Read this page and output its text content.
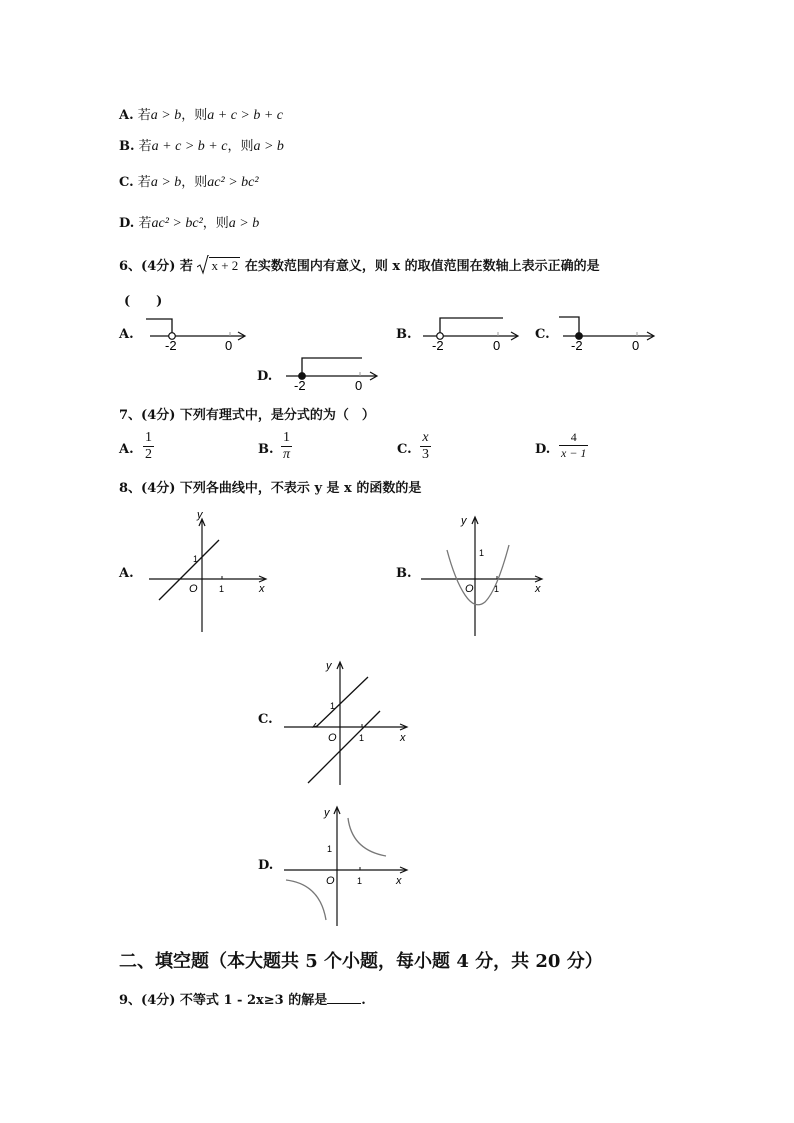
A. 若a > b，则a + c > b + c
B. 若a + c > b + c，则a > b
C. 若a > b，则ac² > bc²
D. 若ac² > bc²，则a > b
6、(4分) 若 x + 2 在实数范围内有意义，则 x 的取值范围在数轴上表示正确的是
(　　)
A.
-2	0
B.
-2	0
C.
-2	0
D.
-2	0
7、(4分) 下列有理式中，是分式的为（　）
A. $\frac{1}{2}$	B. $\frac{1}{\pi}$	C. $\frac{x}{3}$	D. $\frac{4}{x - 1}$
8、(4分) 下列各曲线中，不表示 y 是 x 的函数的是
A.
y
x
O 1
1
B.
y
x
O 1
1
C.
y
x
O 1
1
D.
y
x
O 1
1
二、填空题（本大题共 5 个小题，每小题 4 分，共 20 分）
9、(4分) 不等式 1 - 2x≥3 的解是	.
